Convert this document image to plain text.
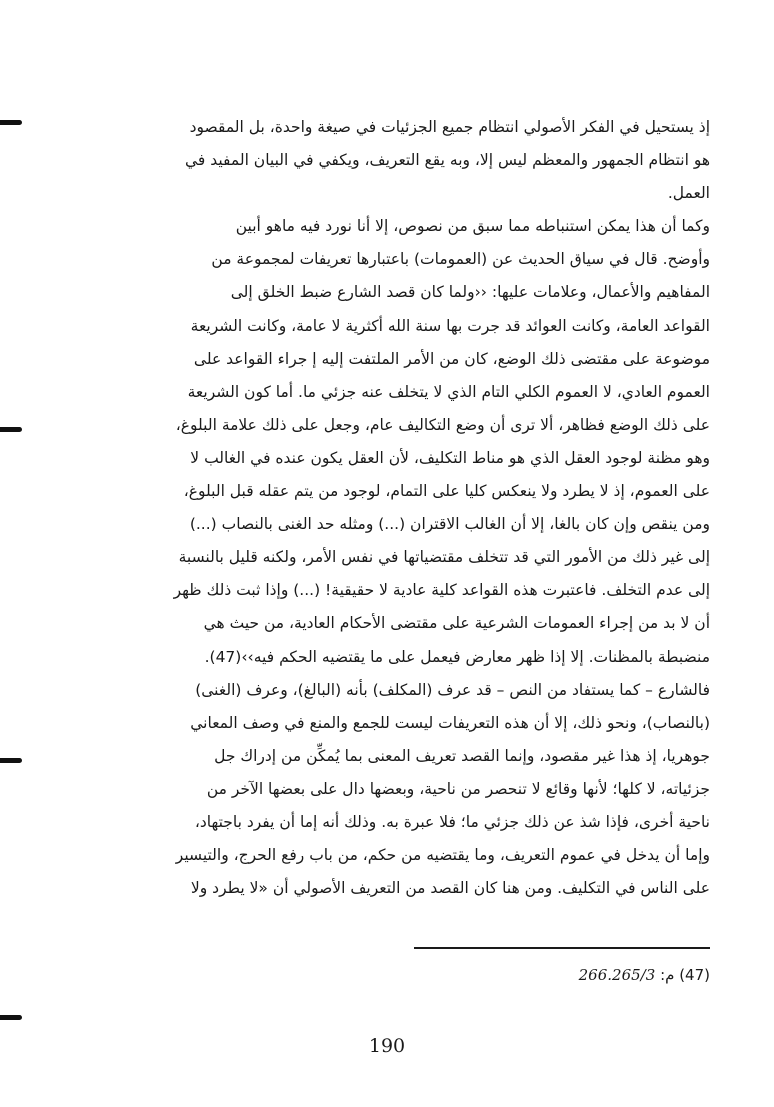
إذ يستحيل في الفكر الأصولي انتظام جميع الجزئيات في صيغة واحدة، بل المقصود
هو انتظام الجمهور والمعظم ليس إلا، وبه يقع التعريف، ويكفي في البيان المفيد في
العمل.
وكما أن هذا يمكن استنباطه مما سبق من نصوص، إلا أنا نورد فيه ماهو أبين
وأوضح. قال في سياق الحديث عن (العمومات) باعتبارها تعريفات لمجموعة من
المفاهيم والأعمال، وعلامات عليها: ‹‹ولما كان قصد الشارع ضبط الخلق إلى
القواعد العامة، وكانت العوائد قد جرت بها سنة الله أكثرية لا عامة، وكانت الشريعة
موضوعة على مقتضى ذلك الوضع، كان من الأمر الملتفت إليه إ جراء القواعد على
العموم العادي، لا العموم الكلي التام الذي لا يتخلف عنه جزئي ما. أما كون الشريعة
على ذلك الوضع فظاهر، ألا ترى أن وضع التكاليف عام، وجعل على ذلك علامة البلوغ،
وهو مظنة لوجود العقل الذي هو مناط التكليف، لأن العقل يكون عنده في الغالب لا
على العموم، إذ لا يطرد ولا ينعكس كليا على التمام، لوجود من يتم عقله قبل البلوغ،
ومن ينقص وإن كان بالغا، إلا أن الغالب الاقتران (...) ومثله حد الغنى بالنصاب (...)
إلى غير ذلك من الأمور التي قد تتخلف مقتضياتها في نفس الأمر، ولكنه قليل بالنسبة
إلى عدم التخلف. فاعتبرت هذه القواعد كلية عادية لا حقيقية! (...) وإذا ثبت ذلك ظهر
أن لا بد من إجراء العمومات الشرعية على مقتضى الأحكام العادية، من حيث هي
منضبطة بالمظنات. إلا إذا ظهر معارض فيعمل على ما يقتضيه الحكم فيه››(47).
فالشارع – كما يستفاد من النص – قد عرف (المكلف) بأنه (البالغ)، وعرف (الغنى)
(بالنصاب)، ونحو ذلك، إلا أن هذه التعريفات ليست للجمع والمنع في وصف المعاني
جوهريا، إذ هذا غير مقصود، وإنما القصد تعريف المعنى بما يُمكِّن من إدراك جل
جزئياته، لا كلها؛ لأنها وقائع لا تنحصر من ناحية، وبعضها دال على بعضها الآخر من
ناحية أخرى، فإذا شذ عن ذلك جزئي ما؛ فلا عبرة به. وذلك أنه إما أن يفرد باجتهاد،
وإما أن يدخل في عموم التعريف، وما يقتضيه من حكم، من باب رفع الحرج، والتيسير
على الناس في التكليف. ومن هنا كان القصد من التعريف الأصولي أن «لا يطرد ولا
(47) م: 266.265/3
190
